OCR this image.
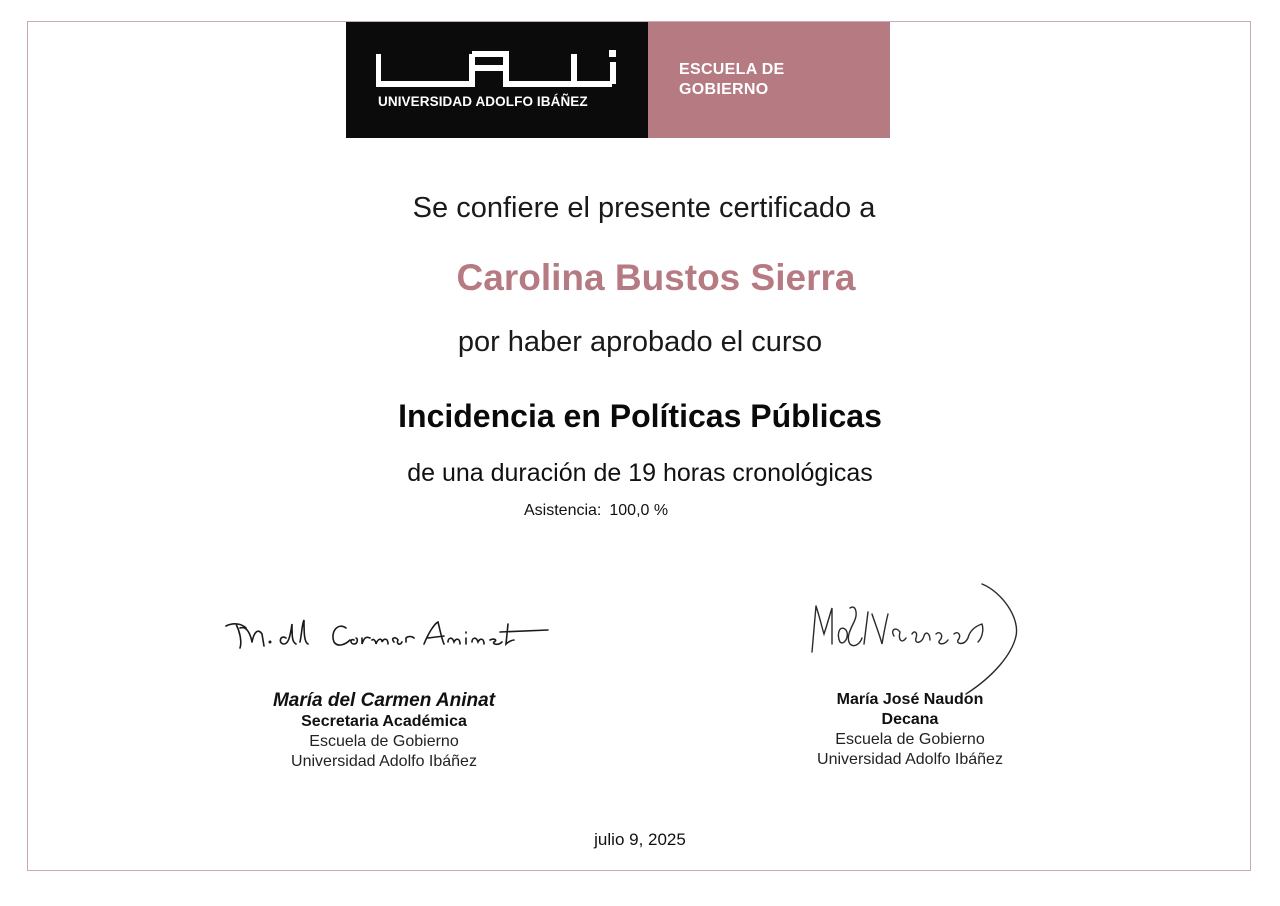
UNIVERSIDAD ADOLFO IBÁÑEZ
ESCUELA DE
GOBIERNO
Se confiere el presente certificado a
Carolina Bustos Sierra
por haber aprobado el curso
Incidencia en Políticas Públicas
de una duración de 19 horas cronológicas
Asistencia: 100,0 %
María del Carmen Aninat
Secretaria Académica
Escuela de Gobierno
Universidad Adolfo Ibáñez
María José Naudon
Decana
Escuela de Gobierno
Universidad Adolfo Ibáñez
julio 9, 2025
